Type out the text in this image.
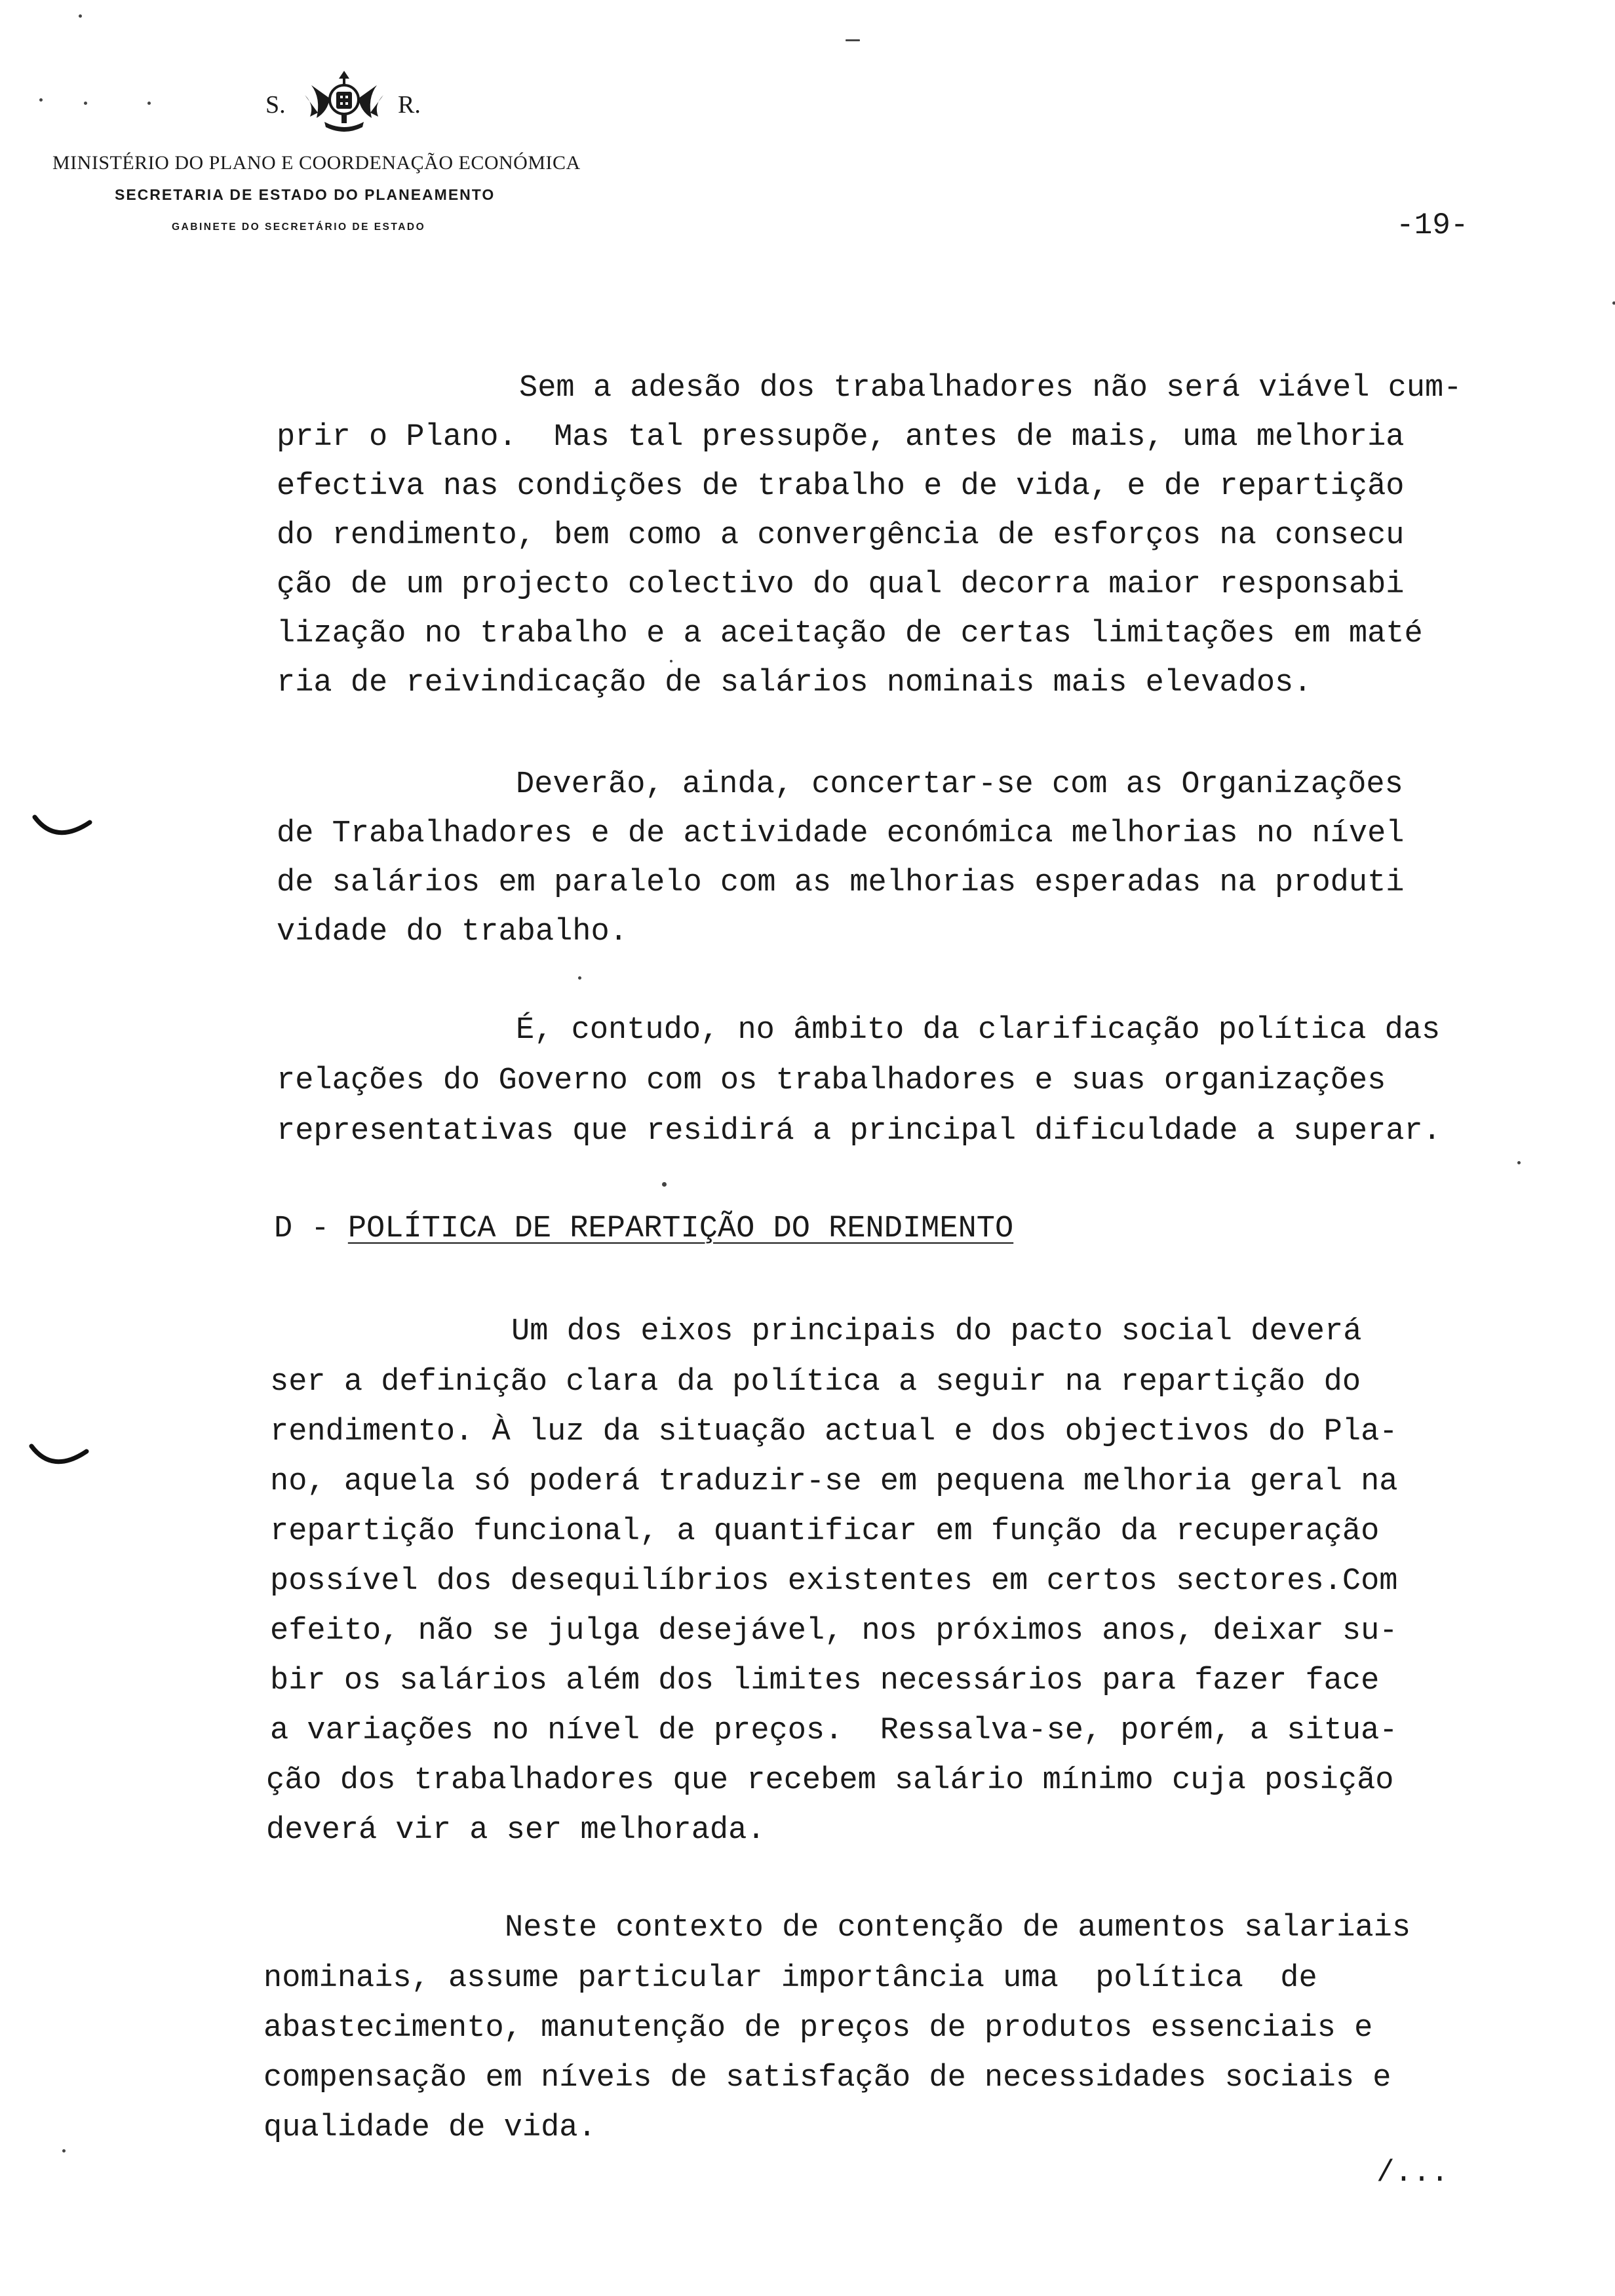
S.	R.
MINISTÉRIO DO PLANO E COORDENAÇÃO ECONÓMICA
SECRETARIA DE ESTADO DO PLANEAMENTO
GABINETE DO SECRETÁRIO DE ESTADO	-19-

Sem a adesão dos trabalhadores não será viável cum-

prir o Plano.  Mas tal pressupõe, antes de mais, uma melhoria

efectiva nas condições de trabalho e de vida, e de repartição

do rendimento, bem como a convergência de esforços na consecu

ção de um projecto colectivo do qual decorra maior responsabi

lização no trabalho e a aceitação de certas limitações em maté

ria de reivindicação de salários nominais mais elevados.

Deverão, ainda, concertar-se com as Organizações

de Trabalhadores e de actividade económica melhorias no nível

de salários em paralelo com as melhorias esperadas na produti

vidade do trabalho.

É, contudo, no âmbito da clarificação política das

relações do Governo com os trabalhadores e suas organizações

representativas que residirá a principal dificuldade a superar.

D - POLÍTICA DE REPARTIÇÃO DO RENDIMENTO

Um dos eixos principais do pacto social deverá

ser a definição clara da política a seguir na repartição do

rendimento. À luz da situação actual e dos objectivos do Pla-

no, aquela só poderá traduzir-se em pequena melhoria geral na

repartição funcional, a quantificar em função da recuperação

possível dos desequilíbrios existentes em certos sectores.Com

efeito, não se julga desejável, nos próximos anos, deixar su-

bir os salários além dos limites necessários para fazer face

a variações no nível de preços.  Ressalva-se, porém, a situa-

ção dos trabalhadores que recebem salário mínimo cuja posição

deverá vir a ser melhorada.

Neste contexto de contenção de aumentos salariais

nominais, assume particular importância uma  política  de

abastecimento, manutenção de preços de produtos essenciais e

compensação em níveis de satisfação de necessidades sociais e

qualidade de vida.

/...
